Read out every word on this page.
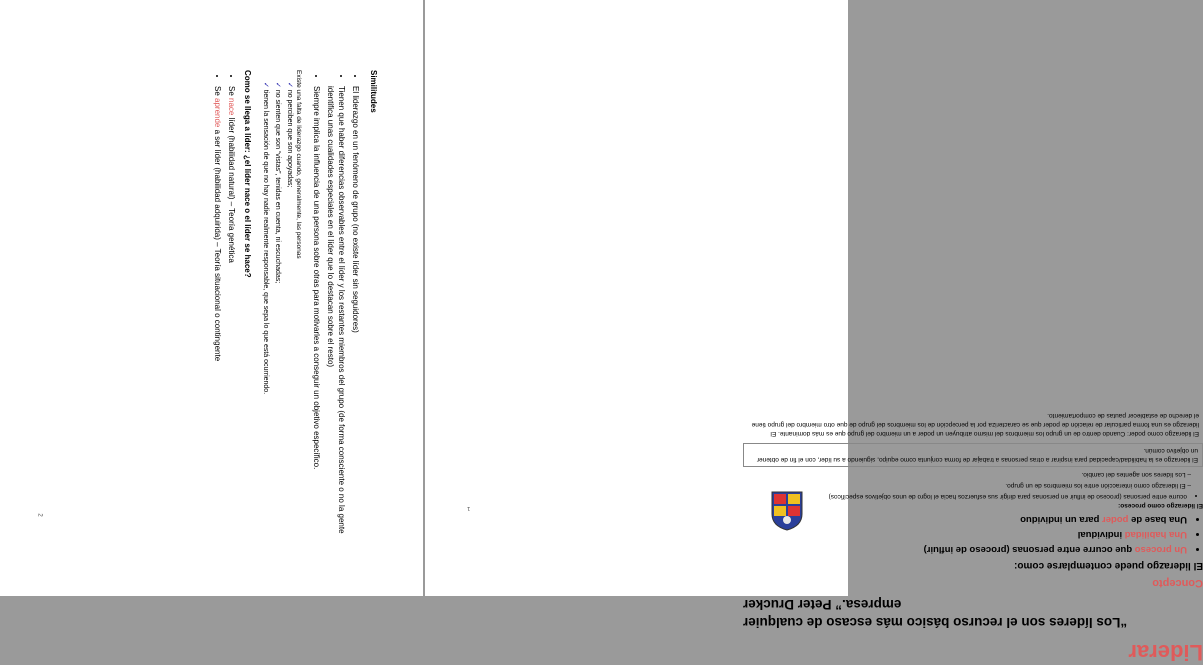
Similitudes
• El liderazgo en un fenómeno de grupo (no existe líder sin seguidores)
• Tienen que haber diferencias observables entre el líder y los restantes miembros del grupo (de forma consciente o no la gente identifica unas cualidades especiales en el líder que lo destacan sobre el resto)
• Siempre implica la influencia de una persona sobre otras para motivarles a conseguir un objetivo específico.
Existe una falta de liderazgo cuando, generalmente, las personas
✓ no perciben que son apoyadas;
✓ no sienten que son “vistas”, tenidas en cuenta, ni escuchadas;
✓ tienen la sensación de que no hay nadie realmente responsable, que sepa lo que está ocurriendo.
Como se llega a líder: ¿el líder nace o el líder se hace?
• Se nace líder (habilidad natural) – Teoría genética
• Se aprende a ser líder (habilidad adquirida) – Teoría situacional o contingente
2
Liderar
“Los líderes son el recurso básico más escaso de cualquier
empresa.” Peter Drucker
Concepto
El liderazgo puede contemplarse como:
• Un proceso que ocurre entre personas (proceso de influir)
• Una habilidad individual
• Una base de poder para un individuo
El liderazgo como proceso:
• ocurre entre personas (proceso de influir en personas para dirigir sus esfuerzos hacia el logro de unos objetivos específicos)
– El liderazgo como interacción entre los miembros de un grupo.
– Los líderes son agentes del cambio.
El liderazgo es la habilidad/capacidad para inspirar a otras personas a trabajar de forma conjunta como equipo, siguiendo a su líder, con el fin de obtener un objetivo común.
El liderazgo como poder: Cuando dentro de un grupo los miembros del mismo atribuyen un poder a un miembro del grupo que es más dominante. El liderazgo es una forma particular de relación de poder que se caracteriza por la percepción de los miembros del grupo de que otro miembro del grupo tiene el derecho de establecer pautas de comportamiento.
1
